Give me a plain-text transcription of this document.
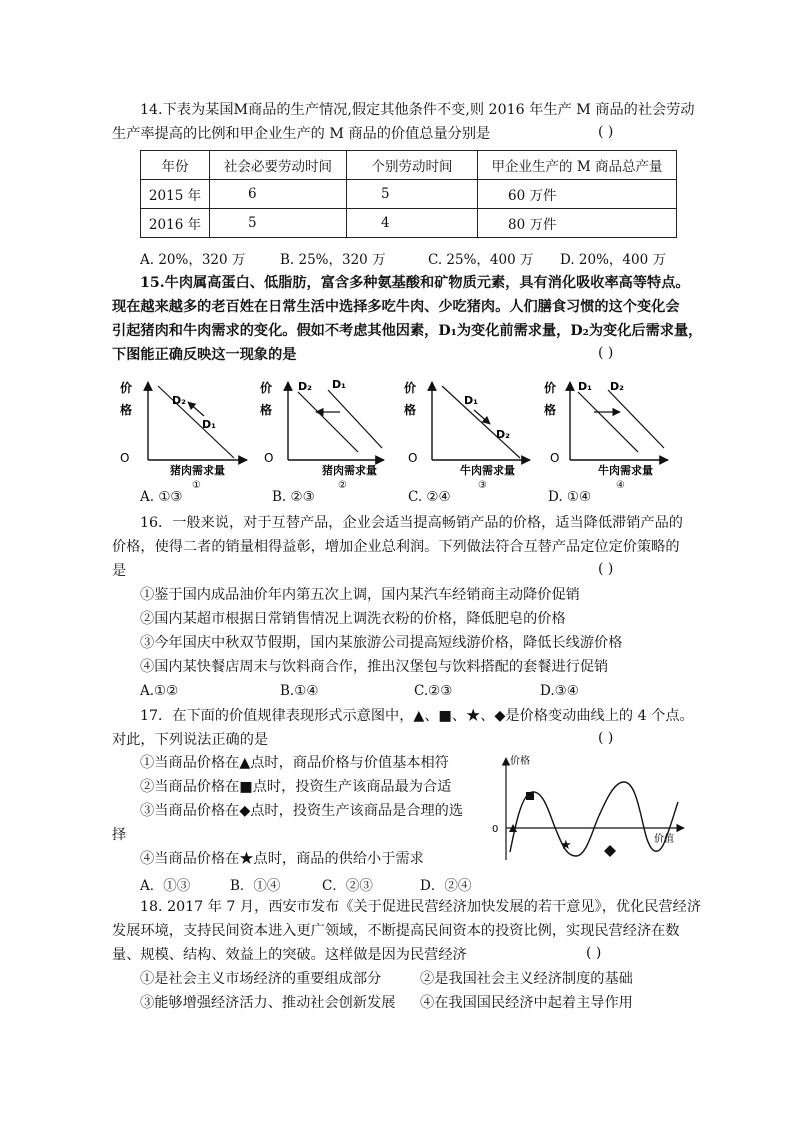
14.下表为某国M商品的生产情况,假定其他条件不变,则 2016 年生产 M 商品的社会劳动
生产率提高的比例和甲企业生产的 M 商品的价值总量分别是	( )
年份	社会必要劳动时间	个别劳动时间	甲企业生产的 M 商品总产量
2015 年	6	5	60 万件
2016 年	5	4	80 万件
A. 20%，320 万	B. 25%，320 万	C. 25%，400 万 D. 20%，400 万
15.牛肉属高蛋白、低脂肪，富含多种氨基酸和矿物质元素，具有消化吸收率高等特点。
现在越来越多的老百姓在日常生活中选择多吃牛肉、少吃猪肉。人们膳食习惯的这个变化会
引起猪肉和牛肉需求的变化。假如不考虑其他因素，D₁为变化前需求量，D₂为变化后需求量，
下图能正确反映这一现象的是	( )
价
格
O
D₂
D₁
猪肉需求量
①
价
格
O
D₂ D₁
猪肉需求量
②
价
格
O
D₁
D₂
牛肉需求量
③
价
格
O
D₁ D₂
牛肉需求量
④
A. ①③	B. ②③	C. ②④	D. ①④
16．一般来说，对于互替产品，企业会适当提高畅销产品的价格，适当降低滞销产品的
价格，使得二者的销量相得益彰，增加企业总利润。下列做法符合互替产品定位定价策略的
是	( )
①鉴于国内成品油价年内第五次上调，国内某汽车经销商主动降价促销
②国内某超市根据日常销售情况上调洗衣粉的价格，降低肥皂的价格
③今年国庆中秋双节假期，国内某旅游公司提高短线游价格，降低长线游价格
④国内某快餐店周末与饮料商合作，推出汉堡包与饮料搭配的套餐进行促销
A.①②	B.①④	C.②③	D.③④
17．在下面的价值规律表现形式示意图中，▲、■、★、◆是价格变动曲线上的 4 个点。
对此，下列说法正确的是	( )
①当商品价格在▲点时，商品价格与价值基本相符
②当商品价格在■点时，投资生产该商品最为合适
③当商品价格在◆点时，投资生产该商品是合理的选
择
④当商品价格在★点时，商品的供给小于需求
价格
价值
0
★
A．①③	B．①④	C．②③	D．②④
18. 2017 年 7 月，西安市发布《关于促进民营经济加快发展的若干意见》，优化民营经济
发展环境，支持民间资本进入更广领域，不断提高民间资本的投资比例，实现民营经济在数
量、规模、结构、效益上的突破。这样做是因为民营经济	( )
①是社会主义市场经济的重要组成部分	②是我国社会主义经济制度的基础
③能够增强经济活力、推动社会创新发展 ④在我国国民经济中起着主导作用
